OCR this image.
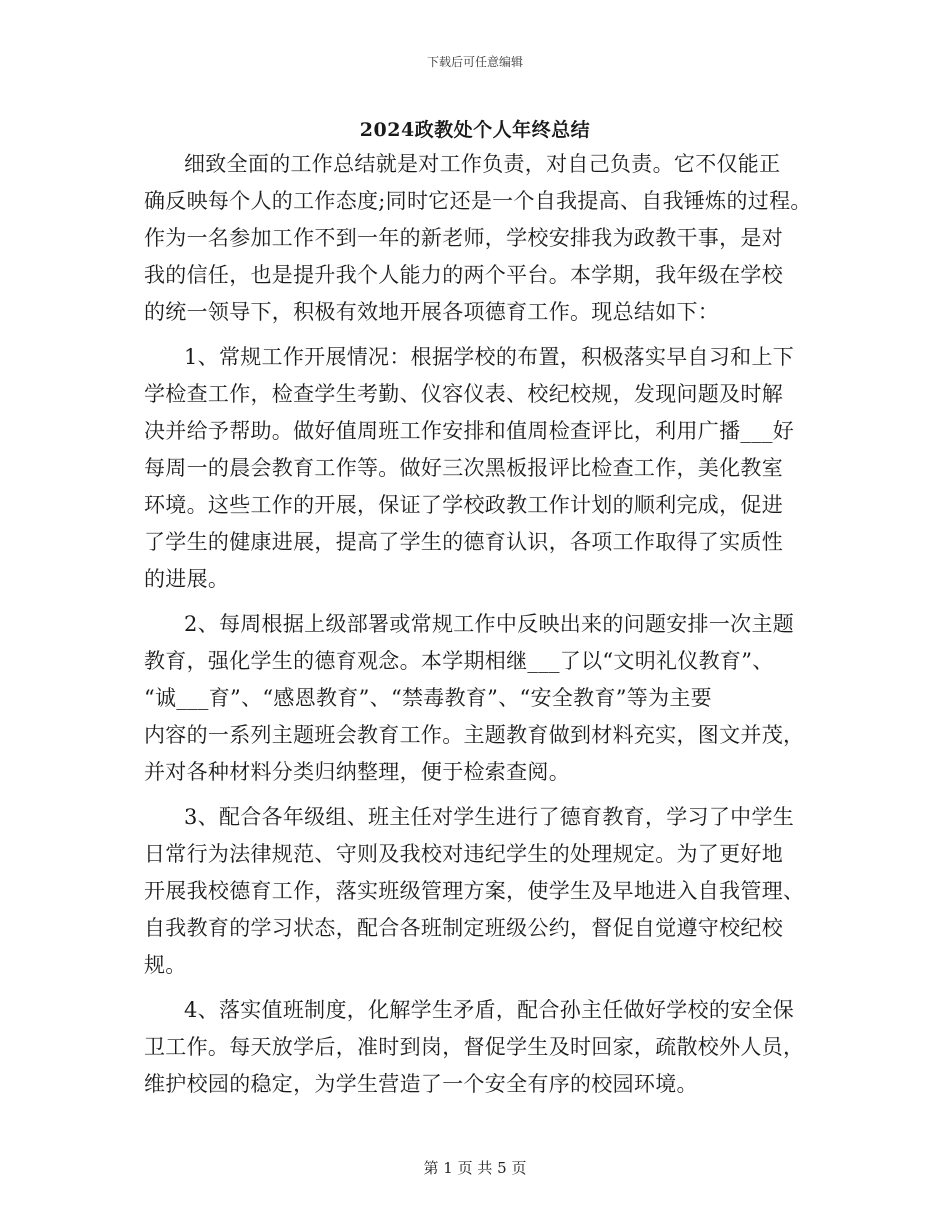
下载后可任意编辑
2024政教处个人年终总结
细致全面的工作总结就是对工作负责，对自己负责。它不仅能正
确反映每个人的工作态度;同时它还是一个自我提高、自我锤炼的过程。
作为一名参加工作不到一年的新老师，学校安排我为政教干事，是对
我的信任，也是提升我个人能力的两个平台。本学期，我年级在学校
的统一领导下，积极有效地开展各项德育工作。现总结如下：
1、常规工作开展情况：根据学校的布置，积极落实早自习和上下
学检查工作，检查学生考勤、仪容仪表、校纪校规，发现问题及时解
决并给予帮助。做好值周班工作安排和值周检查评比，利用广播___好
每周一的晨会教育工作等。做好三次黑板报评比检查工作，美化教室
环境。这些工作的开展，保证了学校政教工作计划的顺利完成，促进
了学生的健康进展，提高了学生的德育认识，各项工作取得了实质性
的进展。
2、每周根据上级部署或常规工作中反映出来的问题安排一次主题
教育，强化学生的德育观念。本学期相继___了以“文明礼仪教育”、
“诚___育”、“感恩教育”、“禁毒教育”、“安全教育”等为主要
内容的一系列主题班会教育工作。主题教育做到材料充实，图文并茂，
并对各种材料分类归纳整理，便于检索查阅。
3、配合各年级组、班主任对学生进行了德育教育，学习了中学生
日常行为法律规范、守则及我校对违纪学生的处理规定。为了更好地
开展我校德育工作，落实班级管理方案，使学生及早地进入自我管理、
自我教育的学习状态，配合各班制定班级公约，督促自觉遵守校纪校
规。
4、落实值班制度，化解学生矛盾，配合孙主任做好学校的安全保
卫工作。每天放学后，准时到岗，督促学生及时回家，疏散校外人员，
维护校园的稳定，为学生营造了一个安全有序的校园环境。
第 1 页 共 5 页
